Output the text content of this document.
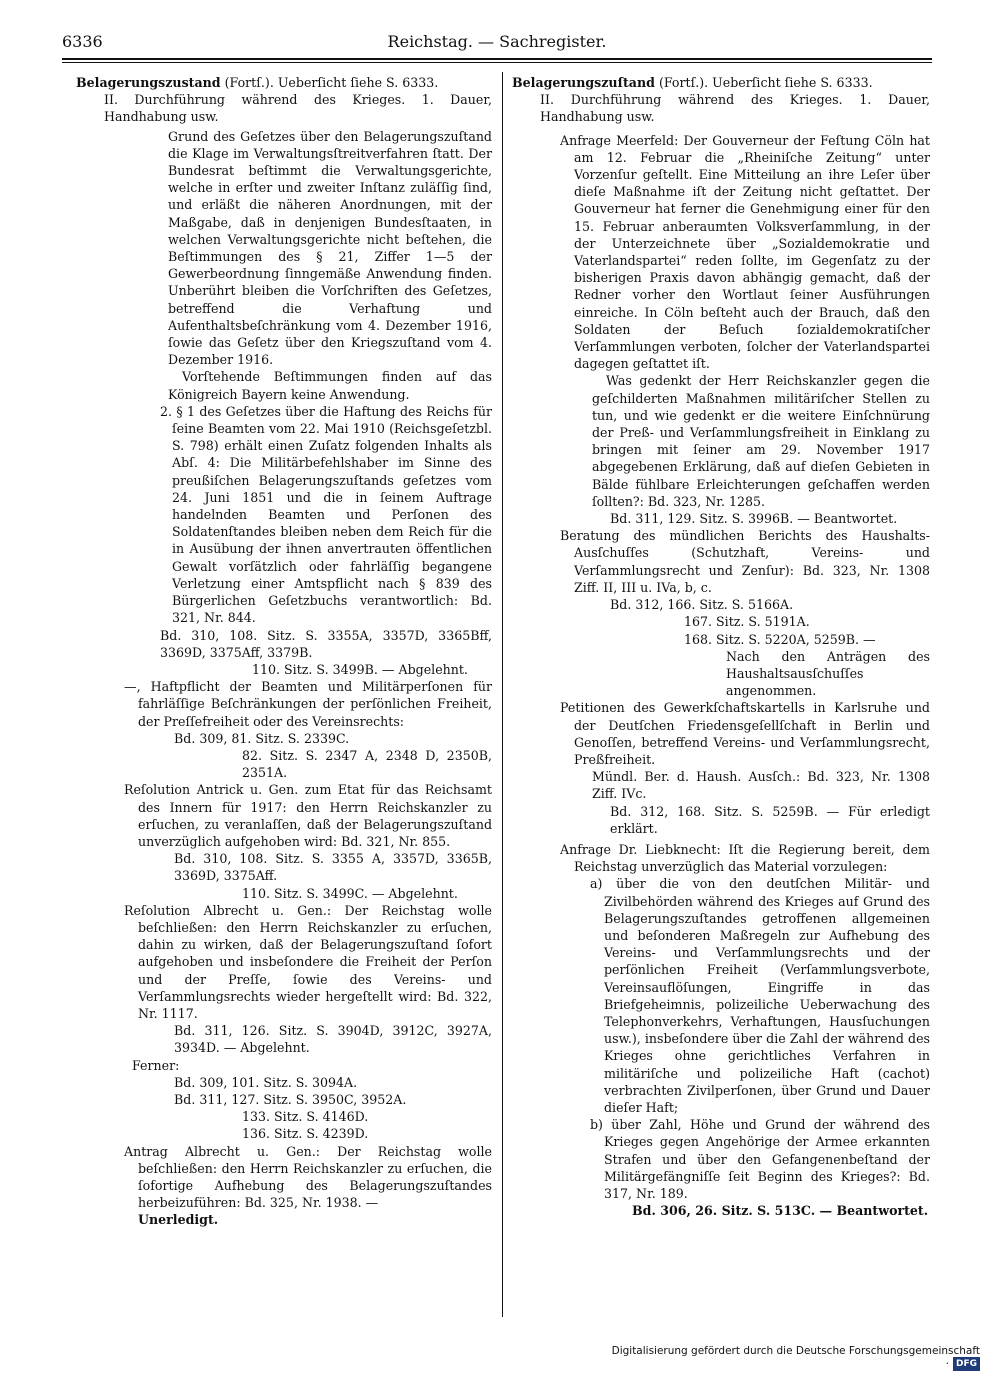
6336	Reichstag. — Sachregister.

Belagerungszustand (Fortſ.). Ueberſicht ſiehe S. 6333.

II. Durchführung während des Krieges. 1. Dauer, Handhabung usw.

Grund des Geſetzes über den Belagerungszuſtand die Klage im Verwaltungsſtreitverfahren ſtatt. Der Bundesrat beſtimmt die Verwaltungsgerichte, welche in erſter und zweiter Inſtanz zuläſſig ſind, und erläßt die näheren Anordnungen, mit der Maßgabe, daß in denjenigen Bundesſtaaten, in welchen Verwaltungsgerichte nicht beſtehen, die Beſtimmungen des § 21, Ziffer 1—5 der Gewerbeordnung ſinngemäße Anwendung finden. Unberührt bleiben die Vorſchriften des Geſetzes, betreffend die Verhaftung und Aufenthaltsbeſchränkung vom 4. Dezember 1916, ſowie das Geſetz über den Kriegszuſtand vom 4. Dezember 1916.

Vorſtehende Beſtimmungen finden auf das Königreich Bayern keine Anwendung.

2. § 1 des Geſetzes über die Haftung des Reichs für ſeine Beamten vom 22. Mai 1910 (Reichsgeſetzbl. S. 798) erhält einen Zuſatz folgenden Inhalts als Abſ. 4: Die Militärbefehlshaber im Sinne des preußiſchen Belagerungszuſtands geſetzes vom 24. Juni 1851 und die in ſeinem Auftrage handelnden Beamten und Perſonen des Soldatenſtandes bleiben neben dem Reich für die in Ausübung der ihnen anvertrauten öffentlichen Gewalt vorſätzlich oder fahrläſſig begangene Verletzung einer Amtspflicht nach § 839 des Bürgerlichen Geſetzbuchs verantwortlich: Bd. 321, Nr. 844.

Bd. 310, 108. Sitz. S. 3355A, 3357D, 3365Bff, 3369D, 3375Aff, 3379B.

110. Sitz. S. 3499B. — Abgelehnt.

—, Haftpflicht der Beamten und Militärperſonen für fahrläſſige Beſchränkungen der perſönlichen Freiheit, der Preſſefreiheit oder des Vereinsrechts:

Bd. 309, 81. Sitz. S. 2339C.

82. Sitz. S. 2347 A, 2348 D, 2350B, 2351A.

Reſolution Antrick u. Gen. zum Etat für das Reichsamt des Innern für 1917: den Herrn Reichskanzler zu erſuchen, zu veranlaſſen, daß der Belagerungszuſtand unverzüglich aufgehoben wird: Bd. 321, Nr. 855.

Bd. 310, 108. Sitz. S. 3355 A, 3357D, 3365B, 3369D, 3375Aff.

110. Sitz. S. 3499C. — Abgelehnt.

Reſolution Albrecht u. Gen.: Der Reichstag wolle beſchließen: den Herrn Reichskanzler zu erſuchen, dahin zu wirken, daß der Belagerungszuſtand ſofort aufgehoben und insbeſondere die Freiheit der Perſon und der Preſſe, ſowie des Vereins- und Verſammlungsrechts wieder hergeſtellt wird: Bd. 322, Nr. 1117.

Bd. 311, 126. Sitz. S. 3904D, 3912C, 3927A, 3934D. — Abgelehnt.

Ferner:

Bd. 309, 101. Sitz. S. 3094A.

Bd. 311, 127. Sitz. S. 3950C, 3952A.

133. Sitz. S. 4146D.

136. Sitz. S. 4239D.

Antrag Albrecht u. Gen.: Der Reichstag wolle beſchließen: den Herrn Reichskanzler zu erſuchen, die ſofortige Aufhebung des Belagerungszuſtandes herbeizuführen: Bd. 325, Nr. 1938. —

Unerledigt.

Belagerungszuſtand (Fortſ.). Ueberſicht ſiehe S. 6333.

II. Durchführung während des Krieges. 1. Dauer, Handhabung usw.

Anfrage Meerfeld: Der Gouverneur der Feſtung Cöln hat am 12. Februar die „Rheiniſche Zeitung“ unter Vorzenſur geſtellt. Eine Mitteilung an ihre Leſer über dieſe Maßnahme iſt der Zeitung nicht geſtattet. Der Gouverneur hat ferner die Genehmigung einer für den 15. Februar anberaumten Volksverſammlung, in der der Unterzeichnete über „Sozialdemokratie und Vaterlandspartei“ reden ſollte, im Gegenſatz zu der bisherigen Praxis davon abhängig gemacht, daß der Redner vorher den Wortlaut ſeiner Ausführungen einreiche. In Cöln beſteht auch der Brauch, daß den Soldaten der Beſuch ſozialdemokratiſcher Verſammlungen verboten, ſolcher der Vaterlandspartei dagegen geſtattet iſt.

Was gedenkt der Herr Reichskanzler gegen die geſchilderten Maßnahmen militäriſcher Stellen zu tun, und wie gedenkt er die weitere Einſchnürung der Preß- und Verſammlungsfreiheit in Einklang zu bringen mit ſeiner am 29. November 1917 abgegebenen Erklärung, daß auf dieſen Gebieten in Bälde fühlbare Erleichterungen geſchaffen werden ſollten?: Bd. 323, Nr. 1285.

Bd. 311, 129. Sitz. S. 3996B. — Beantwortet.

Beratung des mündlichen Berichts des Haushalts-Ausſchuſſes (Schutzhaft, Vereins- und Verſammlungsrecht und Zenſur): Bd. 323, Nr. 1308 Ziff. II, III u. IVa, b, c.

Bd. 312, 166. Sitz. S. 5166A.

167. Sitz. S. 5191A.

168. Sitz. S. 5220A, 5259B. —

Nach den Anträgen des Haushaltsausſchuſſes angenommen.

Petitionen des Gewerkſchaftskartells in Karlsruhe und der Deutſchen Friedensgeſellſchaft in Berlin und Genoſſen, betreffend Vereins- und Verſammlungsrecht, Preßfreiheit.

Mündl. Ber. d. Haush. Ausſch.: Bd. 323, Nr. 1308 Ziff. IVc.

Bd. 312, 168. Sitz. S. 5259B. — Für erledigt erklärt.

Anfrage Dr. Liebknecht: Iſt die Regierung bereit, dem Reichstag unverzüglich das Material vorzulegen:

a) über die von den deutſchen Militär- und Zivilbehörden während des Krieges auf Grund des Belagerungszuſtandes getroffenen allgemeinen und beſonderen Maßregeln zur Aufhebung des Vereins- und Verſammlungsrechts und der perſönlichen Freiheit (Verſammlungsverbote, Vereinsauflöſungen, Eingriffe in das Briefgeheimnis, polizeiliche Ueberwachung des Telephonverkehrs, Verhaftungen, Hausſuchungen usw.), insbeſondere über die Zahl der während des Krieges ohne gerichtliches Verfahren in militäriſche und polizeiliche Haft (cachot) verbrachten Zivilperſonen, über Grund und Dauer dieſer Haft;

b) über Zahl, Höhe und Grund der während des Krieges gegen Angehörige der Armee erkannten Strafen und über den Gefangenenbeſtand der Militärgefängniſſe ſeit Beginn des Krieges?: Bd. 317, Nr. 189.

Bd. 306, 26. Sitz. S. 513C. — Beantwortet.

Digitalisierung gefördert durch die Deutsche Forschungsgemeinschaft · DFG
